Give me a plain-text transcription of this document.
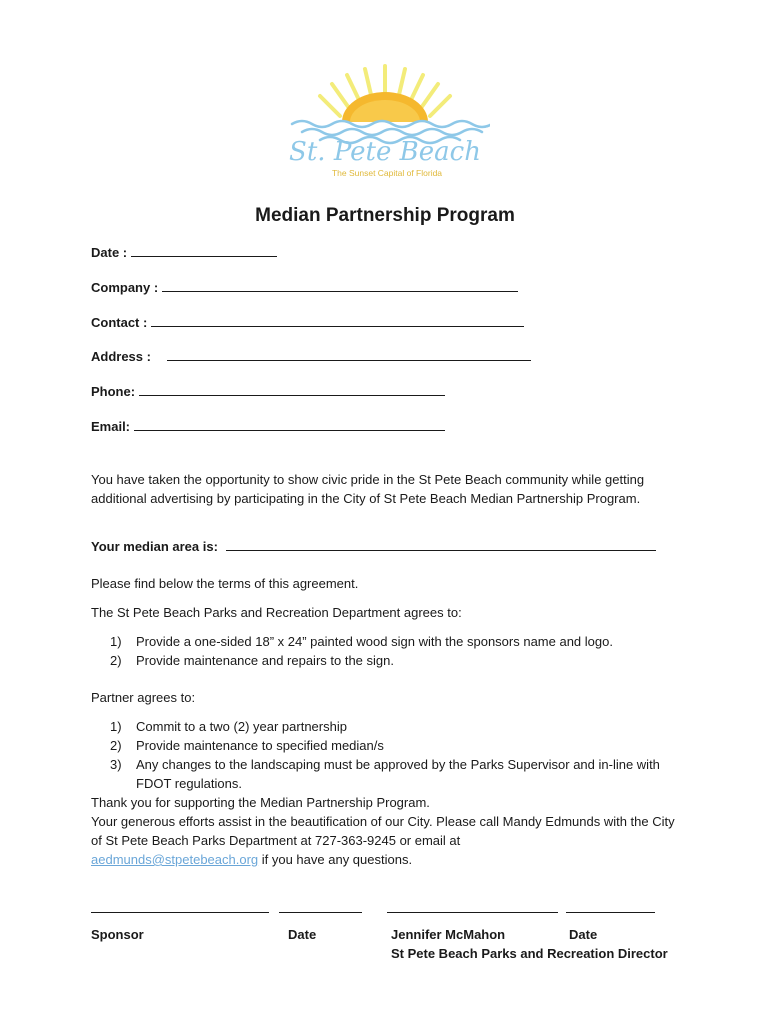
St. Pete Beach
The Sunset Capital of Florida
Median Partnership Program
Date :
Company :
Contact :
Address :
Phone:
Email:
You have taken the opportunity to show civic pride in the St Pete Beach community while getting additional advertising by participating in the City of St Pete Beach Median Partnership Program.
Your median area is:
Please find below the terms of this agreement.
The St Pete Beach Parks and Recreation Department agrees to:
1)	Provide a one-sided 18” x 24” painted wood sign with the sponsors name and logo.
2)	Provide maintenance and repairs to the sign.
Partner agrees to:
1)	Commit to a two (2) year partnership
2)	Provide maintenance to specified median/s
3)	Any changes to the landscaping must be approved by the Parks Supervisor and in-line with FDOT regulations.
Thank you for supporting the Median Partnership Program.
Your generous efforts assist in the beautification of our City. Please call Mandy Edmunds with the City
of St Pete Beach Parks Department at 727-363-9245 or email at
aedmunds@stpetebeach.org if you have any questions.
Sponsor	Date	Jennifer McMahon	Date
St Pete Beach Parks and Recreation Director
